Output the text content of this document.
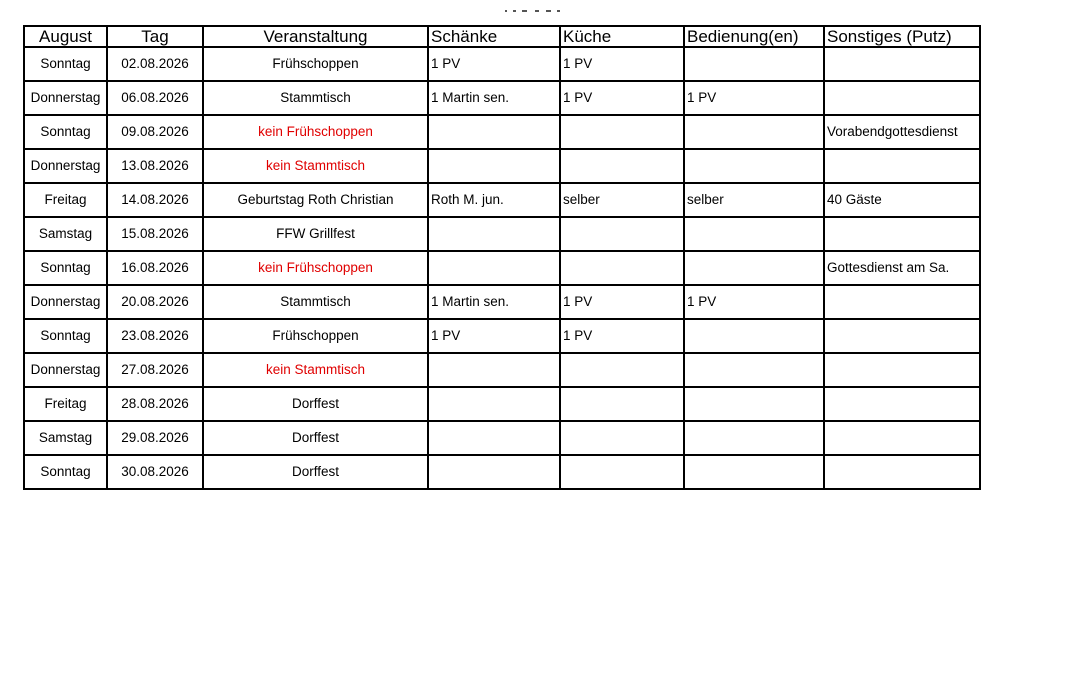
August	Tag	Veranstaltung	Schänke	Küche	Bedienung(en)	Sonstiges (Putz)
Sonntag	02.08.2026	Frühschoppen	1 PV	1 PV		
Donnerstag	06.08.2026	Stammtisch	1 Martin sen.	1 PV	1 PV	
Sonntag	09.08.2026	kein Frühschoppen				Vorabendgottesdienst
Donnerstag	13.08.2026	kein Stammtisch				
Freitag	14.08.2026	Geburtstag Roth Christian	Roth M. jun.	selber	selber	40 Gäste
Samstag	15.08.2026	FFW Grillfest				
Sonntag	16.08.2026	kein Frühschoppen				Gottesdienst am Sa.
Donnerstag	20.08.2026	Stammtisch	1 Martin sen.	1 PV	1 PV	
Sonntag	23.08.2026	Frühschoppen	1 PV	1 PV		
Donnerstag	27.08.2026	kein Stammtisch				
Freitag	28.08.2026	Dorffest				
Samstag	29.08.2026	Dorffest				
Sonntag	30.08.2026	Dorffest				
